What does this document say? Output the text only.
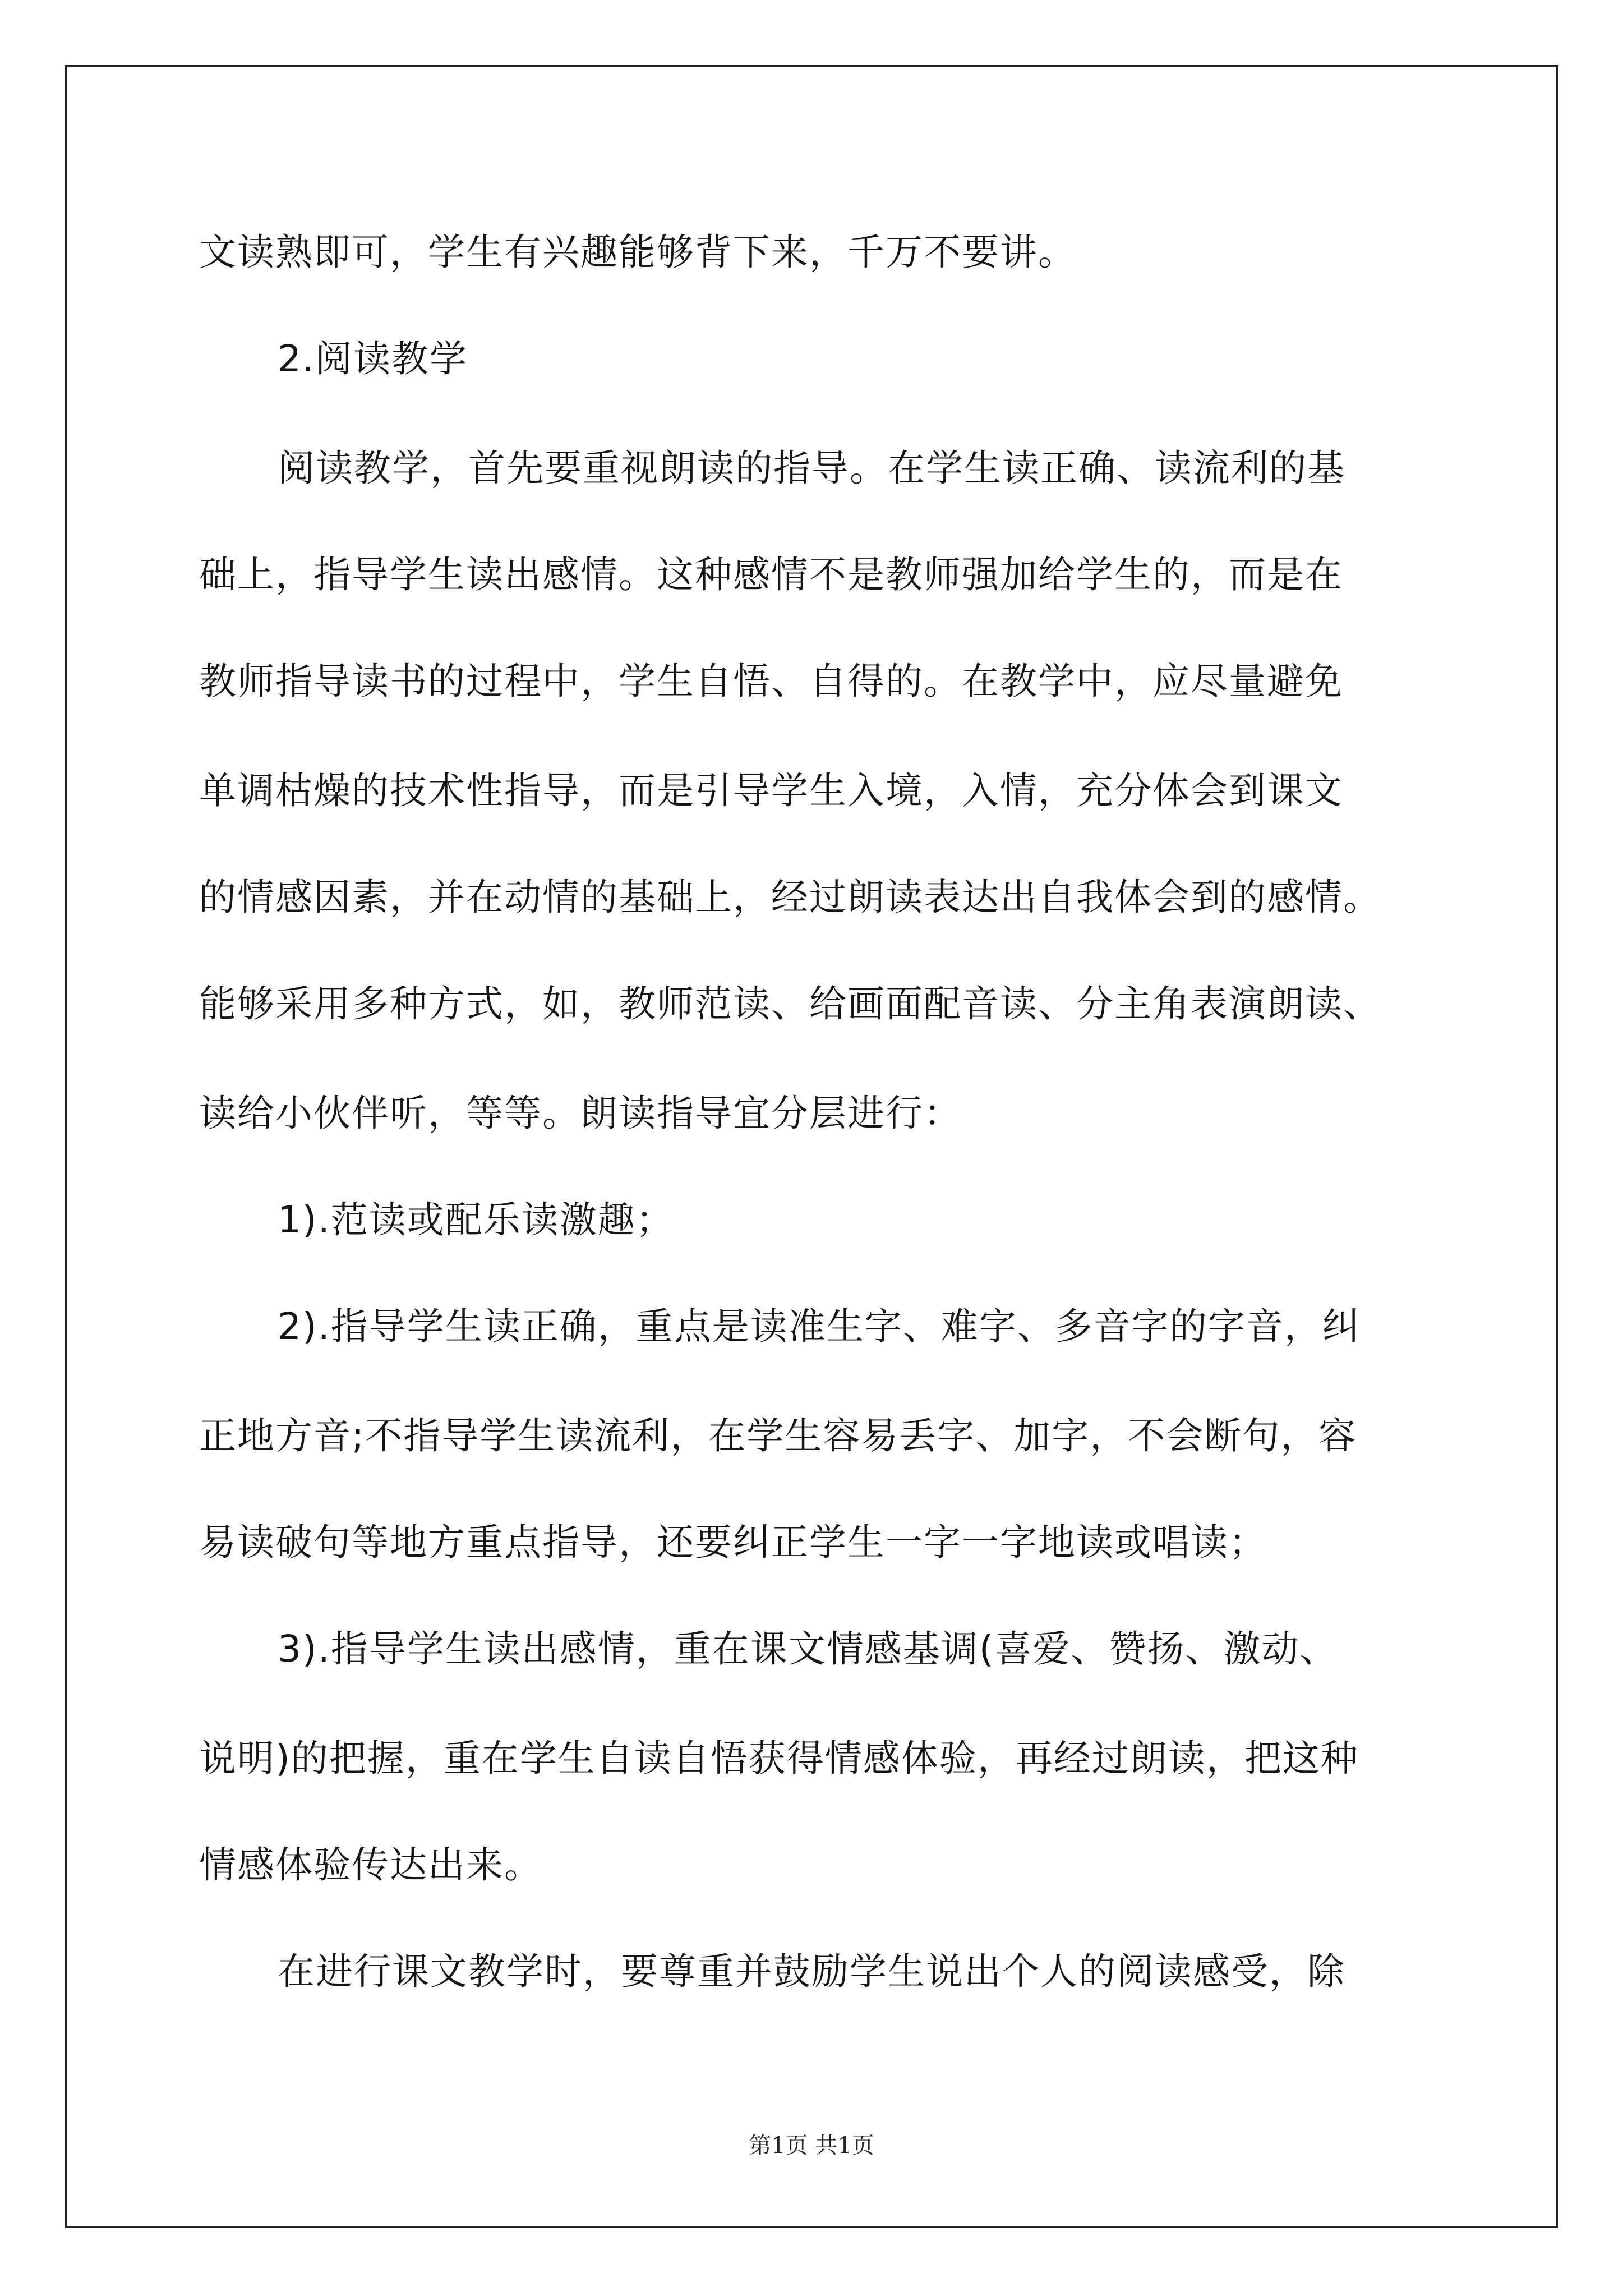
文读熟即可，学生有兴趣能够背下来，千万不要讲。
2.阅读教学
阅读教学，首先要重视朗读的指导。在学生读正确、读流利的基
础上，指导学生读出感情。这种感情不是教师强加给学生的，而是在
教师指导读书的过程中，学生自悟、自得的。在教学中，应尽量避免
单调枯燥的技术性指导，而是引导学生入境，入情，充分体会到课文
的情感因素，并在动情的基础上，经过朗读表达出自我体会到的感情。
能够采用多种方式，如，教师范读、给画面配音读、分主角表演朗读、
读给小伙伴听，等等。朗读指导宜分层进行：
1).范读或配乐读激趣；
2).指导学生读正确，重点是读准生字、难字、多音字的字音，纠
正地方音;不指导学生读流利，在学生容易丢字、加字，不会断句，容
易读破句等地方重点指导，还要纠正学生一字一字地读或唱读；
3).指导学生读出感情，重在课文情感基调(喜爱、赞扬、激动、
说明)的把握，重在学生自读自悟获得情感体验，再经过朗读，把这种
情感体验传达出来。
在进行课文教学时，要尊重并鼓励学生说出个人的阅读感受，除
第1页 共1页
